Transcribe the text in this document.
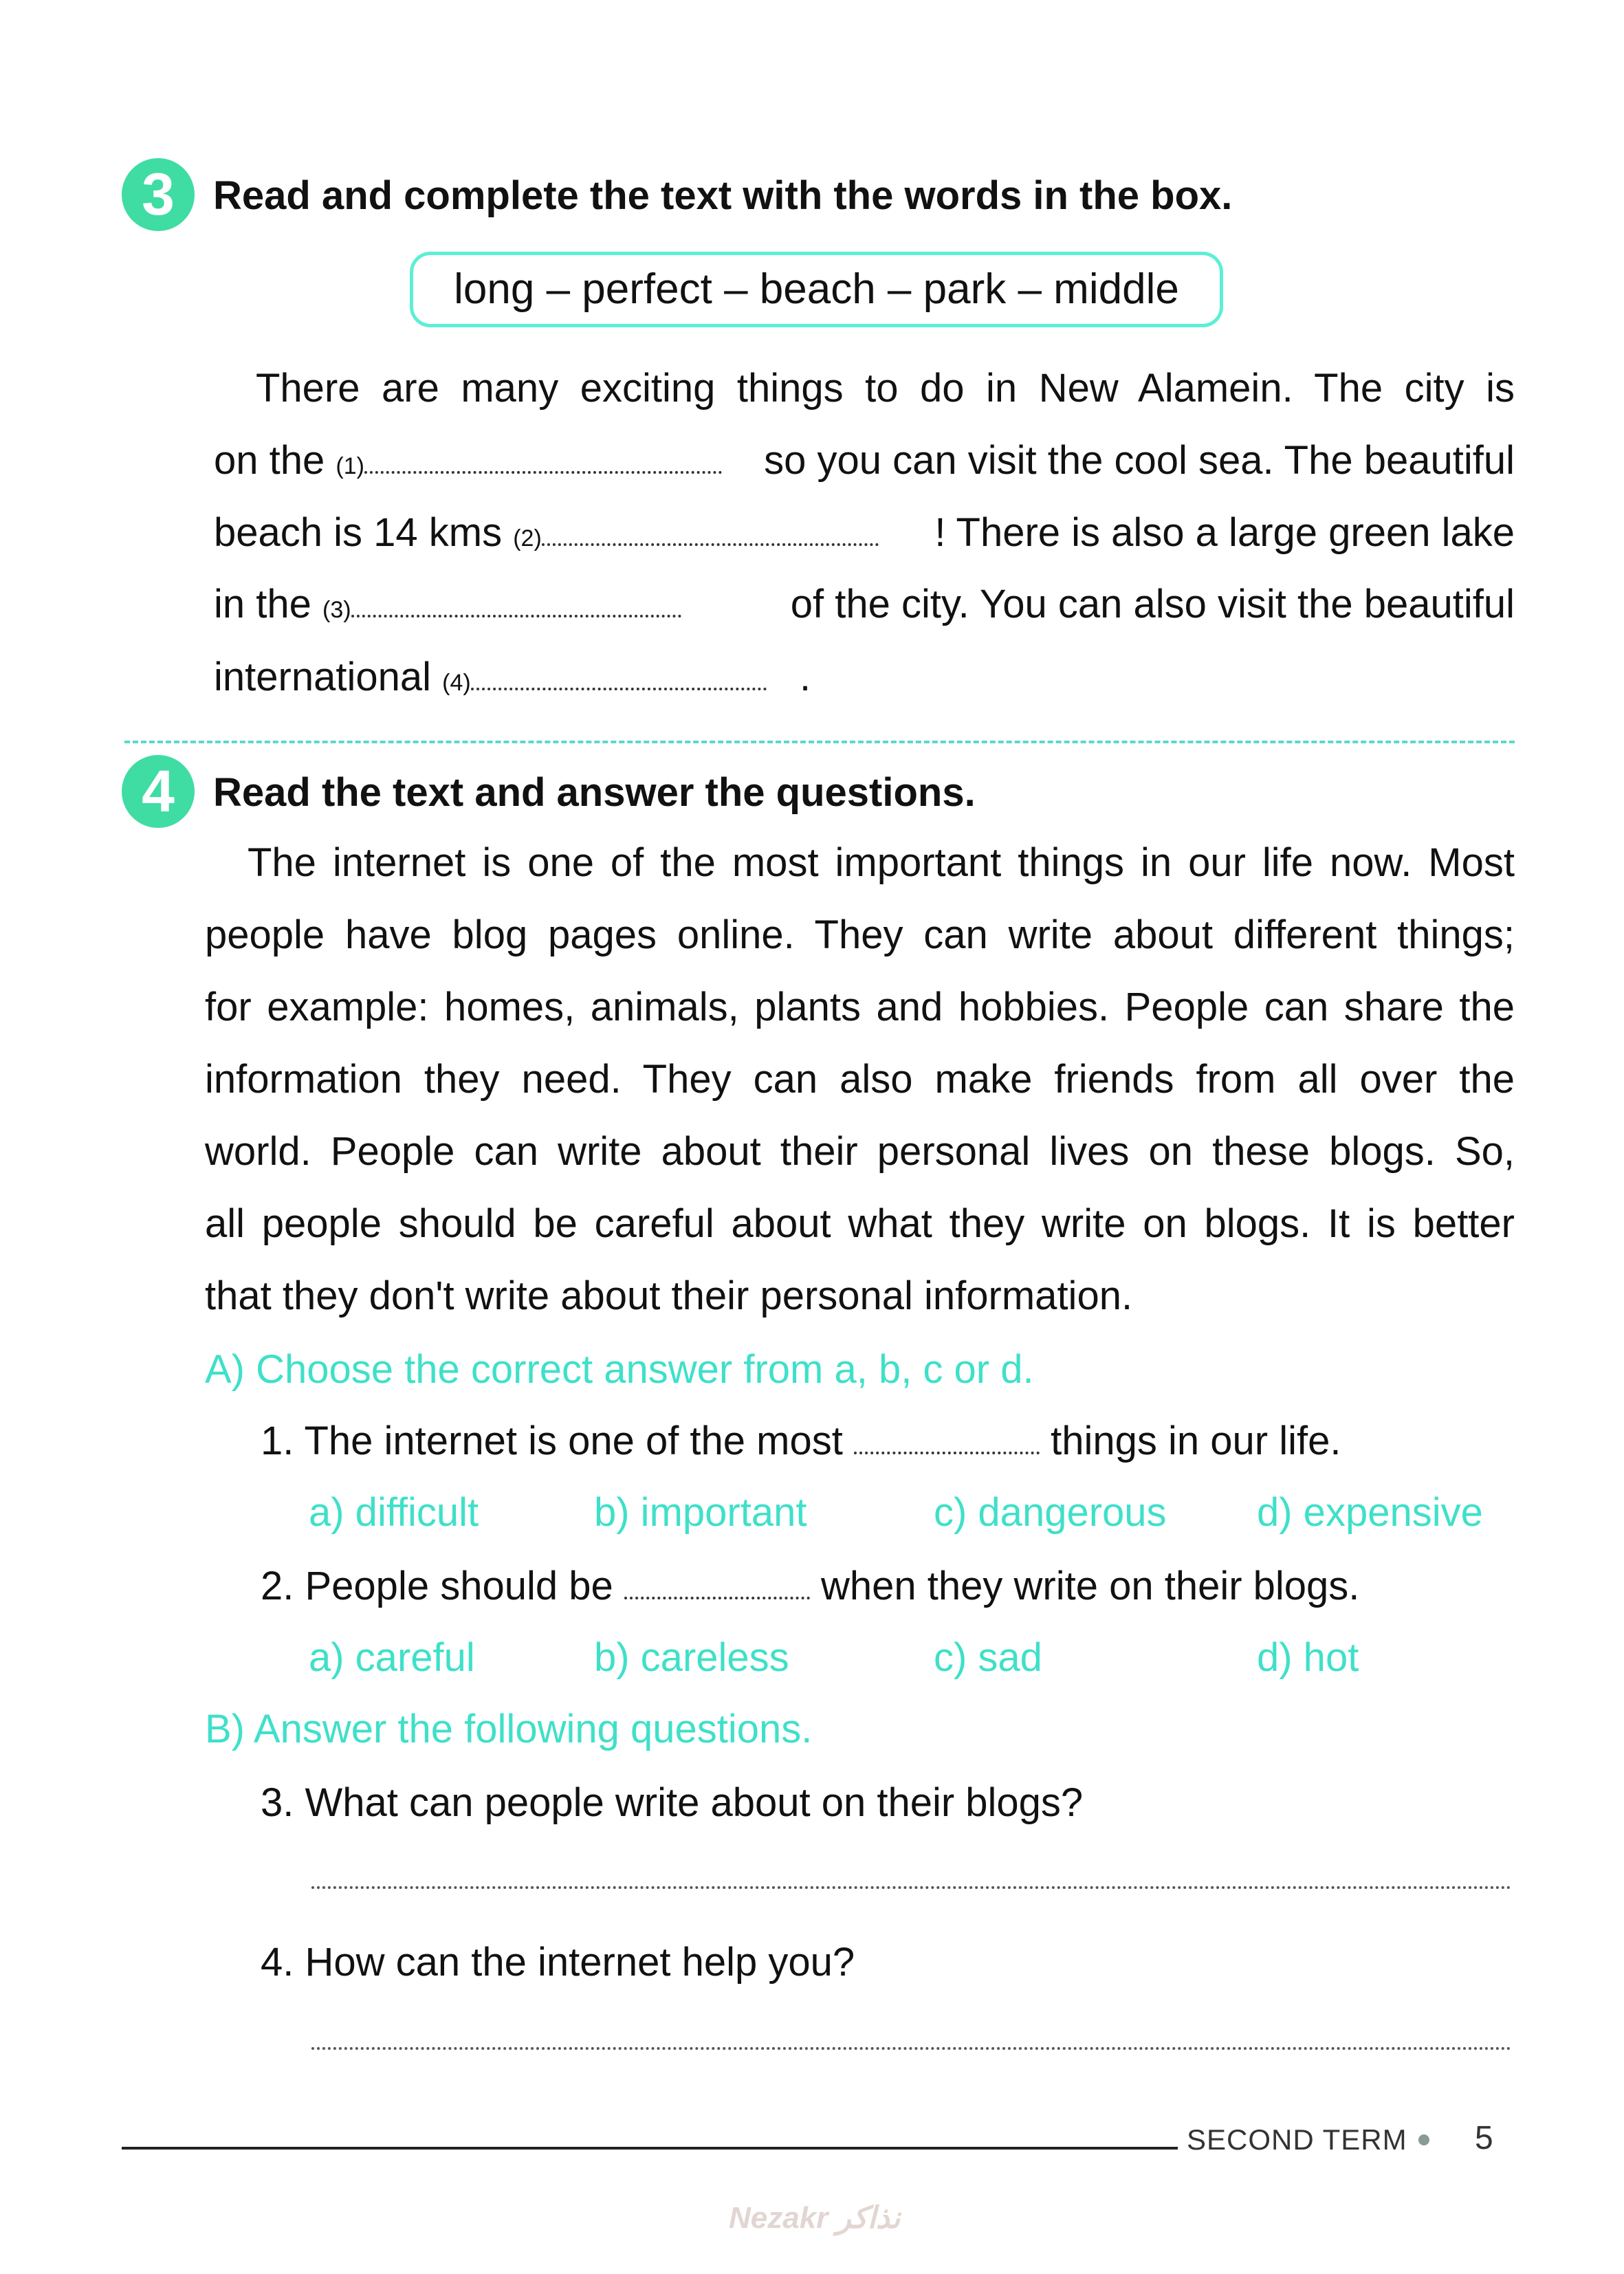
3 Read and complete the text with the words in the box.
long – perfect – beach – park – middle
There are many exciting things to do in New Alamein. The city is
on the (1)	so you can visit the cool sea. The beautiful
beach is 14 kms (2)	! There is also a large green lake
in the (3)	of the city. You can also visit the beautiful
international (4)	.
4 Read the text and answer the questions.
The internet is one of the most important things in our life now. Most
people have blog pages online. They can write about different things;
for example: homes, animals, plants and hobbies. People can share the
information they need. They can also make friends from all over the
world. People can write about their personal lives on these blogs. So,
all people should be careful about what they write on blogs. It is better
that they don't write about their personal information.
A) Choose the correct answer from a, b, c or d.
1. The internet is one of the most	things in our life.
a) difficult	b) important	c) dangerous d) expensive
2. People should be	when they write on their blogs.
a) careful	b) careless	c) sad	d) hot
B) Answer the following questions.
3. What can people write about on their blogs?
4. How can the internet help you?
SECOND TERM 5
Nezakr نذاكر
